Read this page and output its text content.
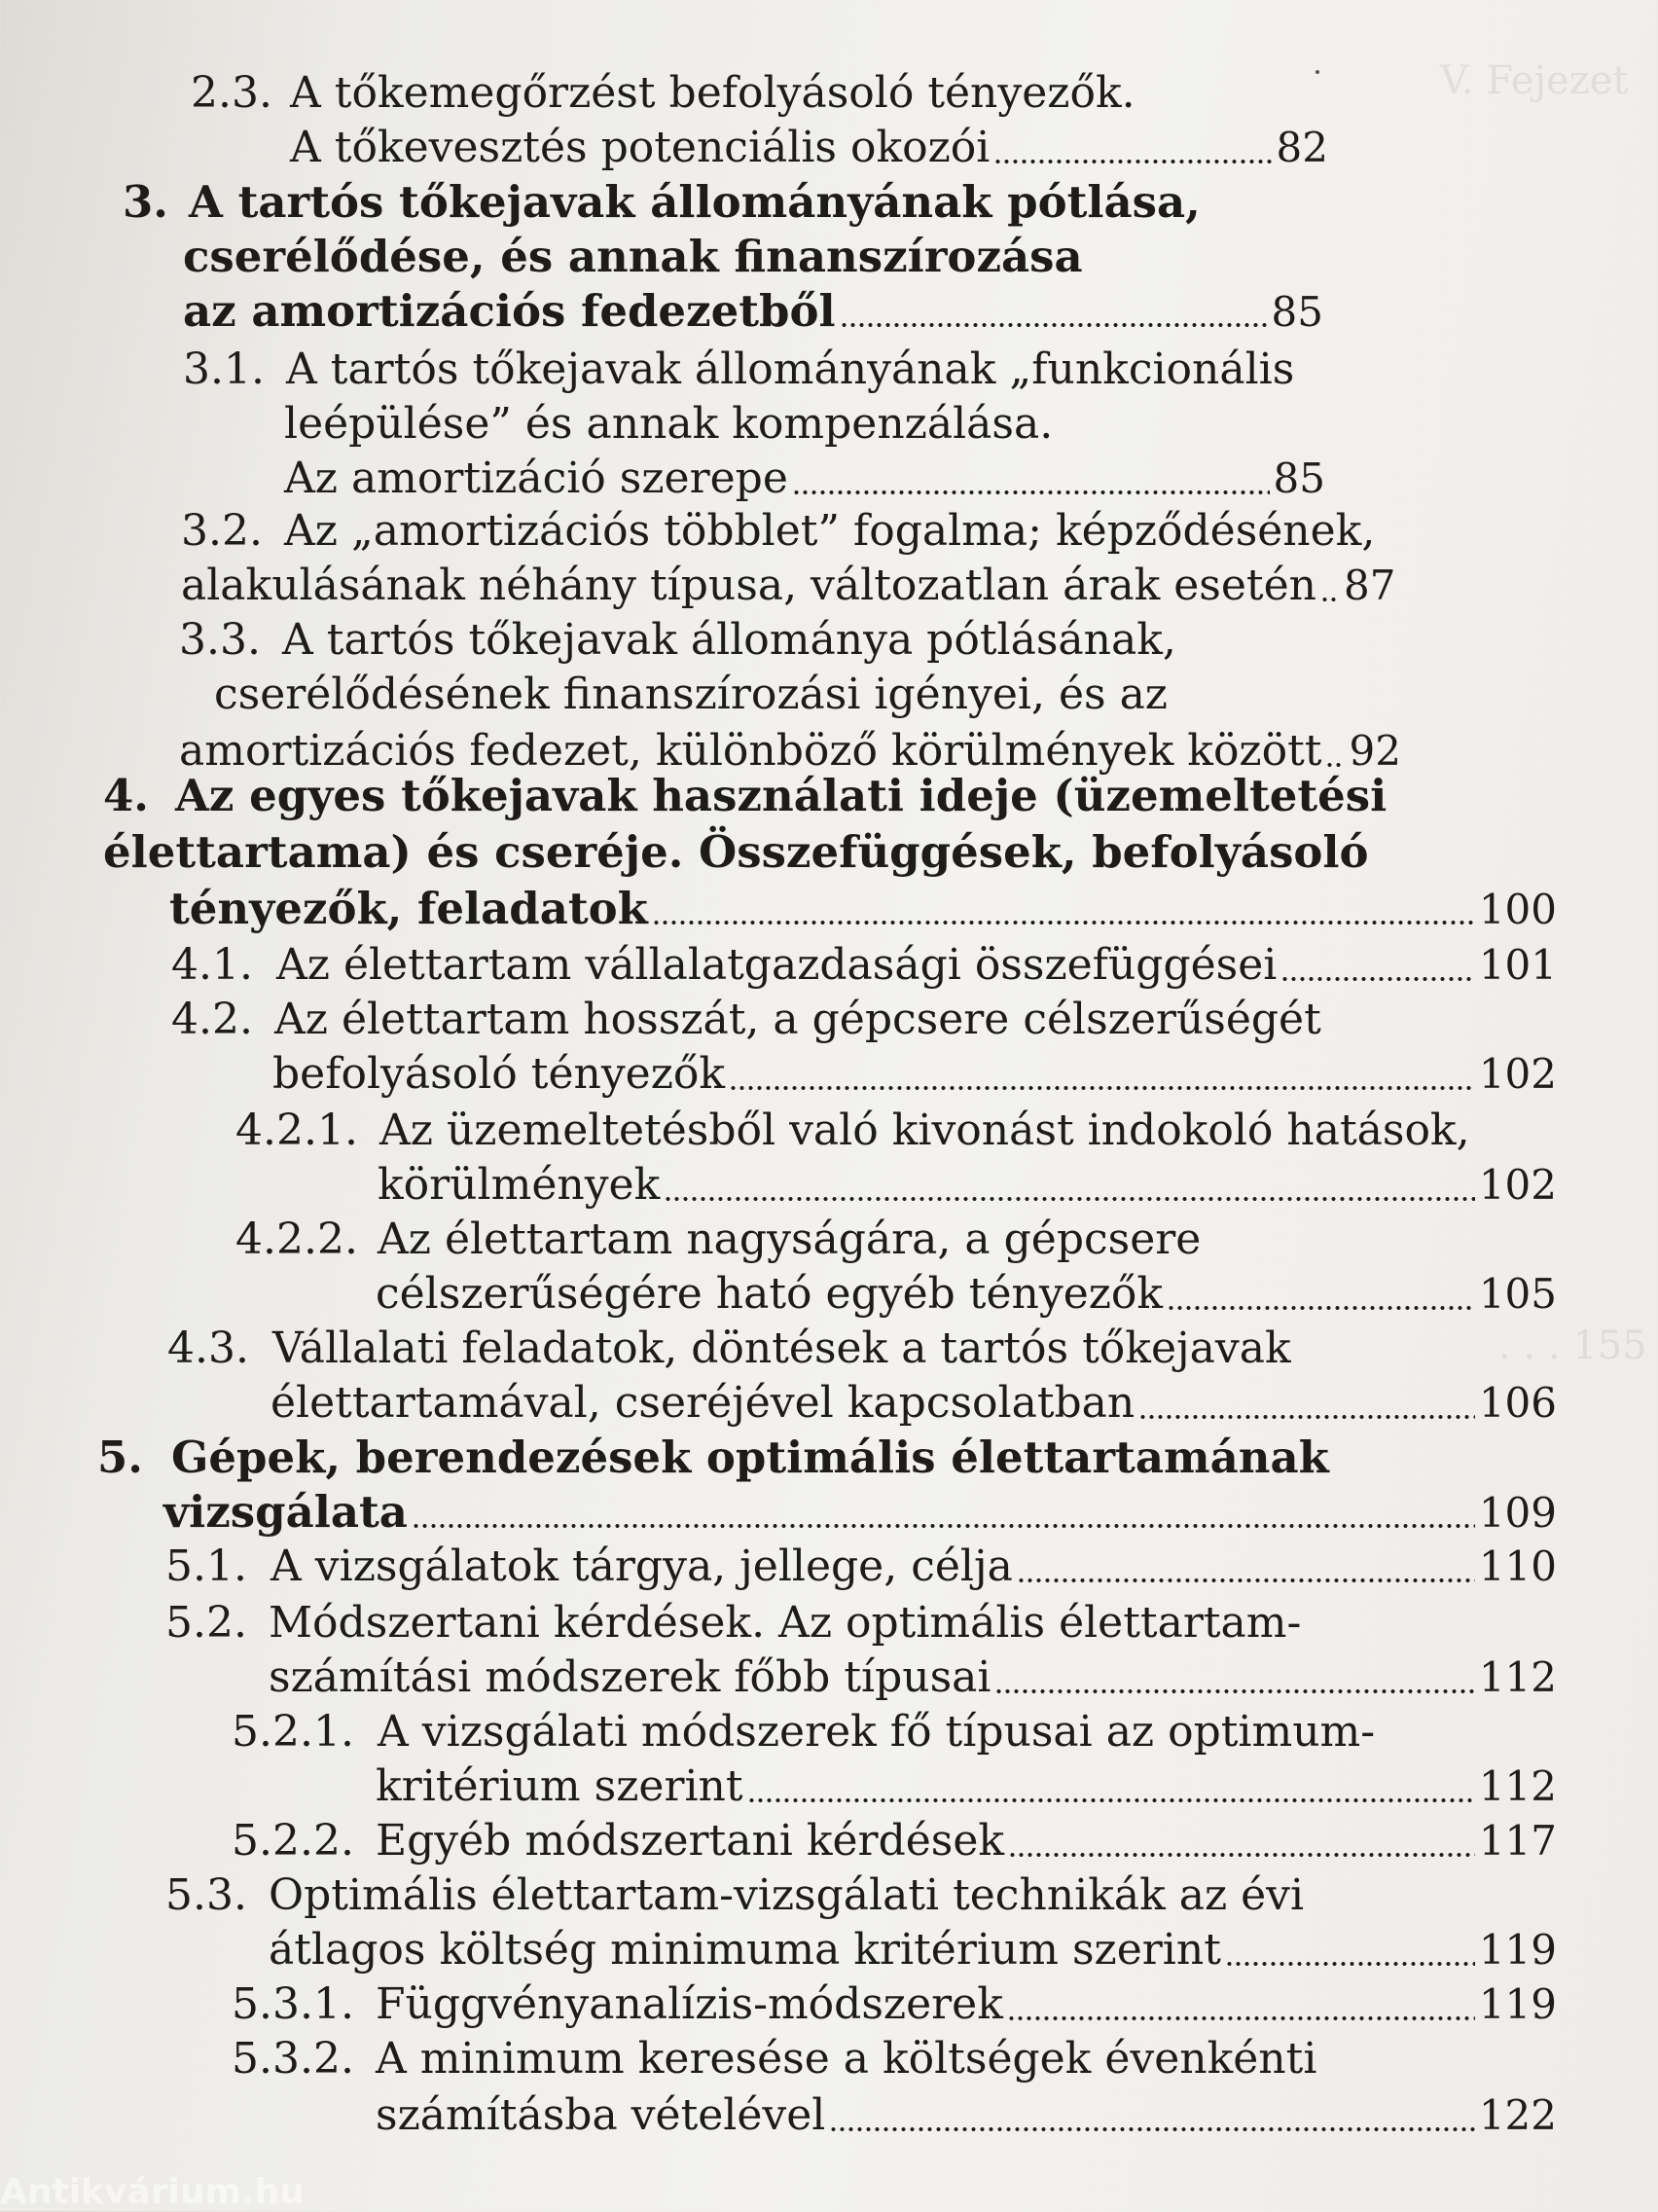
V. Fejezet
. . . 155
2.3. A tőkemegőrzést befolyásoló tényezők.
A tőkevesztés potenciális okozói	82
3. A tartós tőkejavak állományának pótlása,
cserélődése, és annak finanszírozása
az amortizációs fedezetből	85
3.1. A tartós tőkejavak állományának „funkcionális
leépülése” és annak kompenzálása.
Az amortizáció szerepe	85
3.2. Az „amortizációs többlet” fogalma; képződésének,
alakulásának néhány típusa, változatlan árak esetén 87
3.3. A tartós tőkejavak állománya pótlásának,
cserélődésének finanszírozási igényei, és az
amortizációs fedezet, különböző körülmények között 92
4. Az egyes tőkejavak használati ideje (üzemeltetési
élettartama) és cseréje. Összefüggések, befolyásoló
tényezők, feladatok	100
4.1. Az élettartam vállalatgazdasági összefüggései	101
4.2. Az élettartam hosszát, a gépcsere célszerűségét
befolyásoló tényezők	102
4.2.1. Az üzemeltetésből való kivonást indokoló hatások,
körülmények	102
4.2.2. Az élettartam nagyságára, a gépcsere
célszerűségére ható egyéb tényezők	105
4.3. Vállalati feladatok, döntések a tartós tőkejavak
élettartamával, cseréjével kapcsolatban	106
5. Gépek, berendezések optimális élettartamának
vizsgálata	109
5.1. A vizsgálatok tárgya, jellege, célja	110
5.2. Módszertani kérdések. Az optimális élettartam-
számítási módszerek főbb típusai	112
5.2.1. A vizsgálati módszerek fő típusai az optimum-
kritérium szerint	112
5.2.2. Egyéb módszertani kérdések	117
5.3. Optimális élettartam-vizsgálati technikák az évi
átlagos költség minimuma kritérium szerint	119
5.3.1. Függvényanalízis-módszerek	119
5.3.2. A minimum keresése a költségek évenkénti
számításba vételével	122
Antikvárium.hu
